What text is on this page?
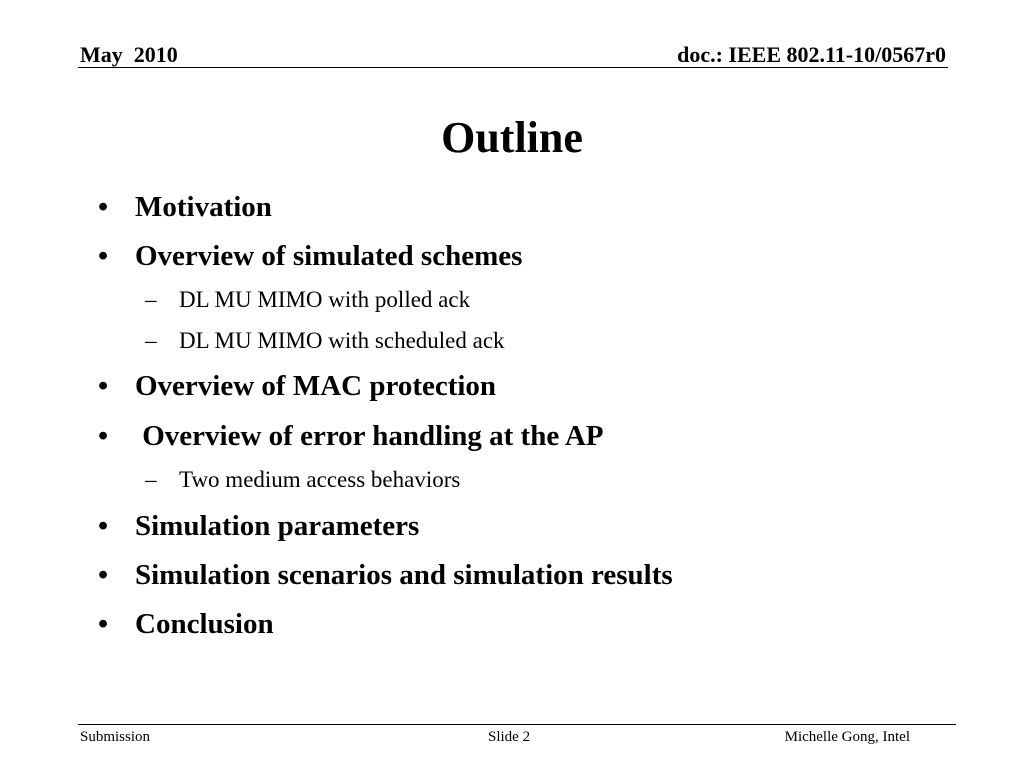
May  2010	doc.: IEEE 802.11-10/0567r0
Outline

•

Motivation

•

Overview of simulated schemes

–

DL MU MIMO with polled ack

–

DL MU MIMO with scheduled ack

•

Overview of MAC protection

•

Overview of error handling at the AP

–

Two medium access behaviors

•

Simulation parameters

•

Simulation scenarios and simulation results

•

Conclusion

Submission	Slide 2	Michelle Gong, Intel
